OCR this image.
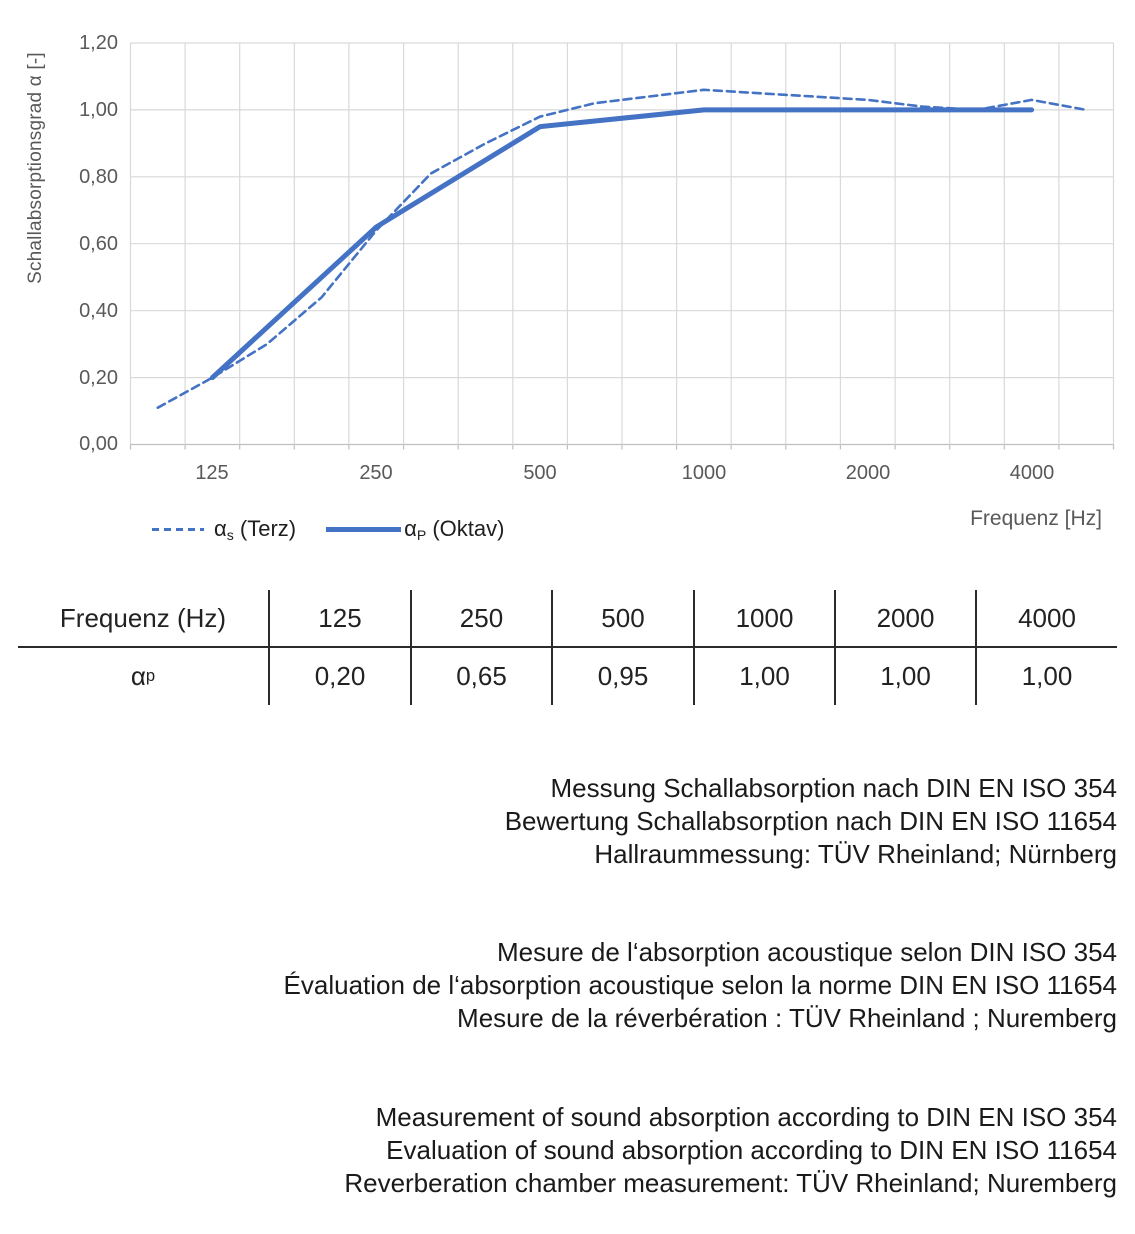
Schallabsorptionsgrad α [-]
1,20
1,00
0,80
0,60
0,40
0,20
0,00
125	250	500	1000	2000	4000
Frequenz [Hz]
$\alpha_s$ (Terz)	$\alpha_P$ (Oktav)
Frequenz (Hz)	125	250	500	1000	2000	4000
α p	0,20	0,65	0,95	1,00	1,00	1,00
Messung Schallabsorption nach DIN EN ISO 354
Bewertung Schallabsorption nach DIN EN ISO 11654
Hallraummessung: TÜV Rheinland; Nürnberg
Mesure de l‘absorption acoustique selon DIN ISO 354
Évaluation de l‘absorption acoustique selon la norme DIN EN ISO 11654
Mesure de la réverbération : TÜV Rheinland ; Nuremberg
Measurement of sound absorption according to DIN EN ISO 354
Evaluation of sound absorption according to DIN EN ISO 11654
Reverberation chamber measurement: TÜV Rheinland; Nuremberg
